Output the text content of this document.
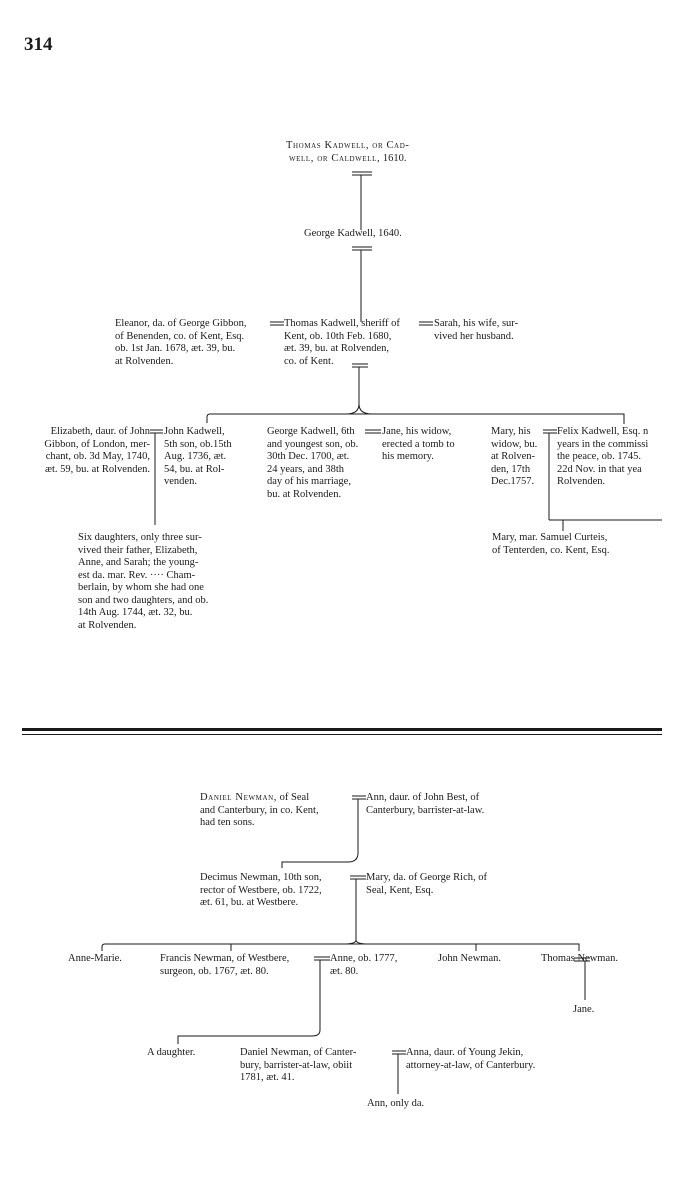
314
Thomas Kadwell, or Cad-
well, or Caldwell, 1610.
George Kadwell, 1640.
Eleanor, da. of George Gibbon,
of Benenden, co. of Kent, Esq.
ob. 1st Jan. 1678, æt. 39, bu.
at Rolvenden.
Thomas Kadwell, sheriff of
Kent, ob. 10th Feb. 1680,
æt. 39, bu. at Rolvenden,
co. of Kent.
Sarah, his wife, sur-
vived her husband.
Elizabeth, daur. of John
Gibbon, of London, mer-
chant, ob. 3d May, 1740,
æt. 59, bu. at Rolvenden.
John Kadwell,
5th son, ob.15th
Aug. 1736, æt.
54, bu. at Rol-
venden.
George Kadwell, 6th
and youngest son, ob.
30th Dec. 1700, æt.
24 years, and 38th
day of his marriage,
bu. at Rolvenden.
Jane, his widow,
erected a tomb to
his memory.
Mary, his
widow, bu.
at Rolven-
den, 17th
Dec.1757.
Felix Kadwell, Esq. n
years in the commissi
the peace, ob. 1745.
22d Nov. in that yea
Rolvenden.
Six daughters, only three sur-
vived their father, Elizabeth,
Anne, and Sarah; the young-
est da. mar. Rev. ···· Cham-
berlain, by whom she had one
son and two daughters, and ob.
14th Aug. 1744, æt. 32, bu.
at Rolvenden.
Mary, mar. Samuel Curteis,
of Tenterden, co. Kent, Esq.
Daniel Newman, of Seal
and Canterbury, in co. Kent,
had ten sons.
Ann, daur. of John Best, of
Canterbury, barrister-at-law.
Decimus Newman, 10th son,
rector of Westbere, ob. 1722,
æt. 61, bu. at Westbere.
Mary, da. of George Rich, of
Seal, Kent, Esq.
Anne-Marie.	Francis Newman, of Westbere,
surgeon, ob. 1767, æt. 80.
Anne, ob. 1777,
æt. 80.
John Newman.	Thomas Newman.
Jane.
A daughter.	Daniel Newman, of Canter-
bury, barrister-at-law, obiit
1781, æt. 41.
Anna, daur. of Young Jekin,
attorney-at-law, of Canterbury.
Ann, only da.
